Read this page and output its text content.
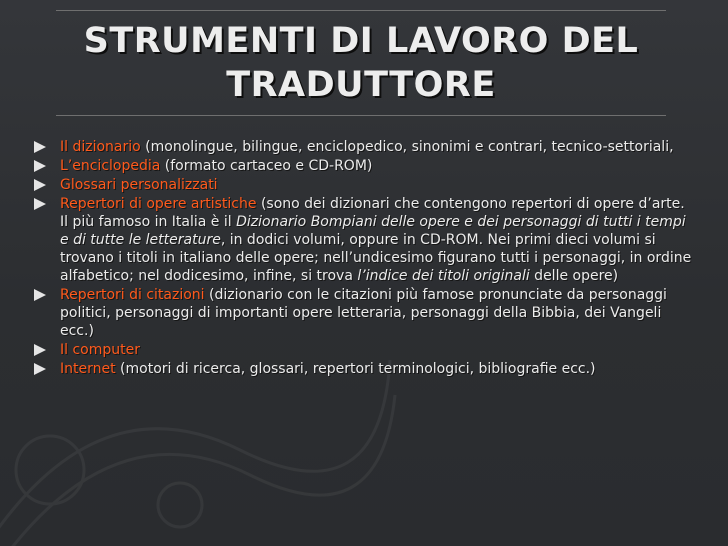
STRUMENTI DI LAVORO DEL TRADUTTORE
Il dizionario (monolingue, bilingue, enciclopedico, sinonimi e contrari, tecnico-settoriali,
L’enciclopedia (formato cartaceo e CD-ROM)
Glossari personalizzati
Repertori di opere artistiche (sono dei dizionari che contengono repertori di opere d’arte. Il più famoso in Italia è il Dizionario Bompiani delle opere e dei personaggi di tutti i tempi e di tutte le letterature, in dodici volumi, oppure in CD-ROM. Nei primi dieci volumi si trovano i titoli in italiano delle opere; nell’undicesimo figurano tutti i personaggi, in ordine alfabetico; nel dodicesimo, infine, si trova l’indice dei titoli originali delle opere)
Repertori di citazioni (dizionario con le citazioni più famose pronunciate da personaggi politici, personaggi di importanti opere letteraria, personaggi della Bibbia, dei Vangeli ecc.)
Il computer
Internet (motori di ricerca, glossari, repertori terminologici, bibliografie ecc.)
